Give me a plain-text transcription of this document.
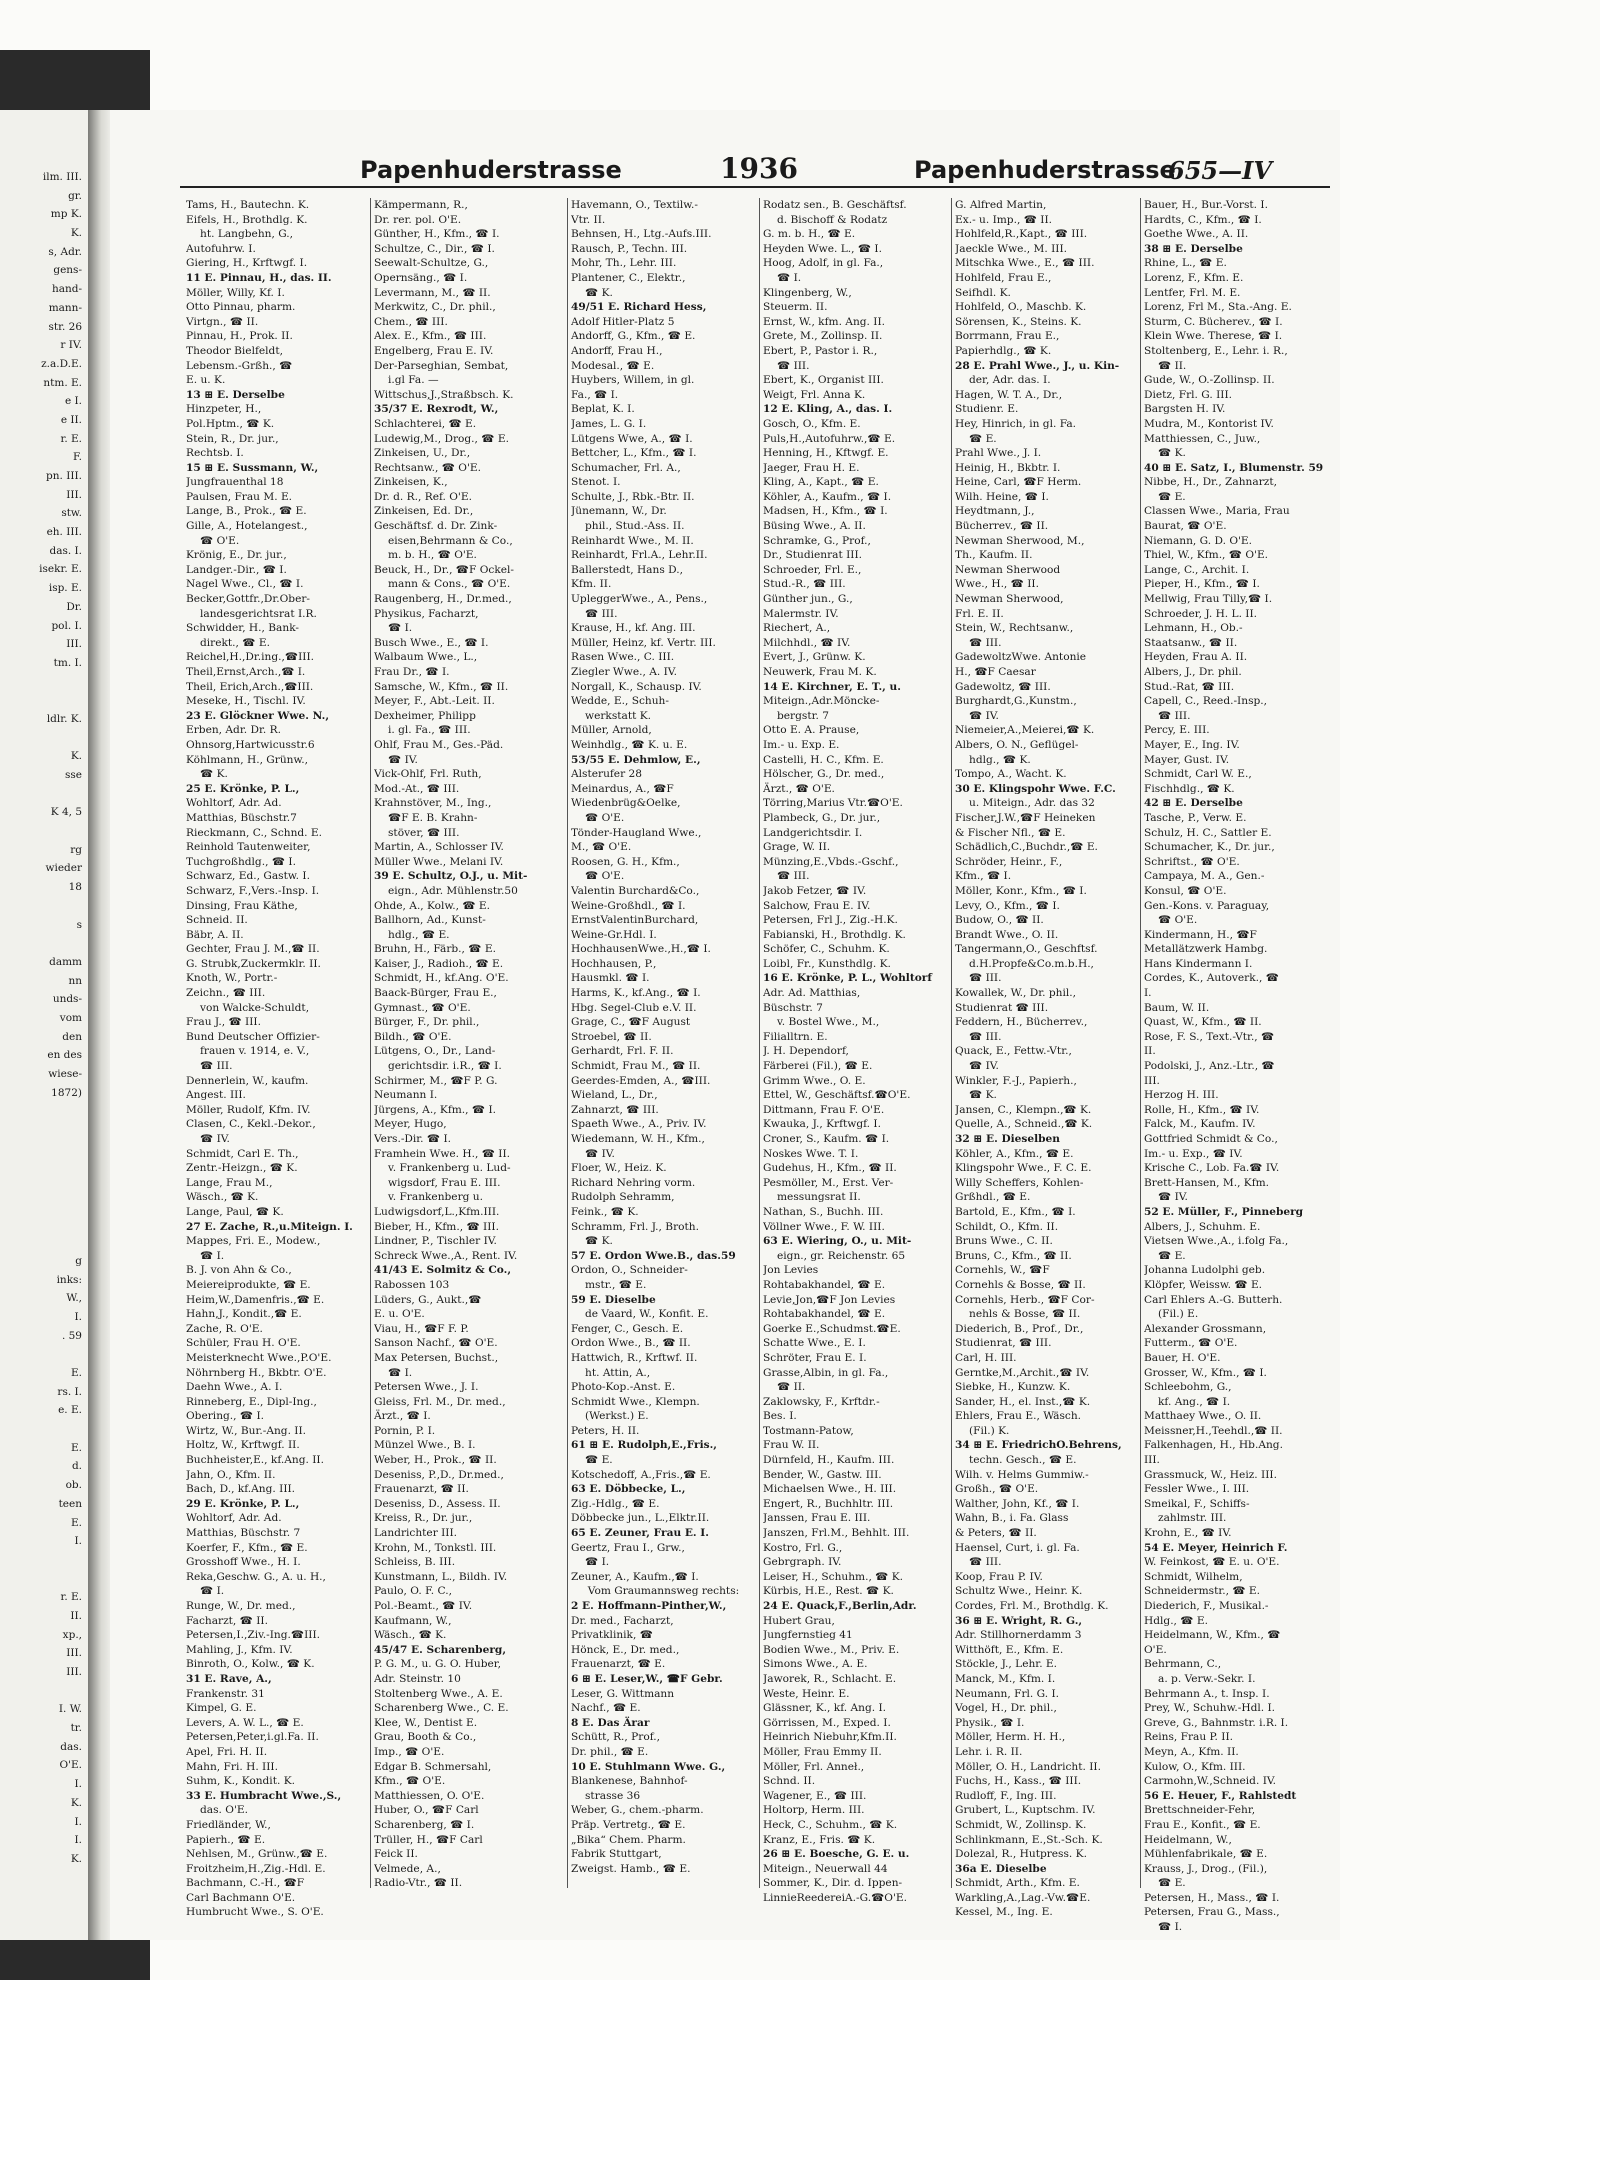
ilm. III.
gr.
mp K.
K.
s, Adr.
gens-
hand-
mann-
str. 26
r IV.
z.a.D.E.
ntm. E.
e I.
e II.
r. E.
F.
pn. III.
III.
stw.
eh. III.
das. I.
isekr. E.
isp. E.
Dr.
pol. I.
III.
tm. I.
ldlr. K.
K.
sse
K 4, 5
rg
wieder
18
s
damm
nn
unds-
vom
den
en des
wiese-
1872)
g
inks:
W.,
I.
. 59
E.
rs. I.
e. E.
E.
d.
ob.
teen
E.
I.
r. E.
II.
xp.,
III.
III.
I. W.
tr.
das.
O'E.
I.
K.
I.
I.
K.
Papenhuderstrasse	1936	Papenhuderstrasse
655—IV
Tams, H., Bautechn. K.
Eifels, H., Brothdlg. K.
ht. Langbehn, G.,
Autofuhrw. I.
Giering, H., Krftwgf. I.
11 E. Pinnau, H., das. II.
Möller, Willy, Kf. I.
Otto Pinnau, pharm.
Virtgn., ☎ II.
Pinnau, H., Prok. II.
Theodor Bielfeldt,
Lebensm.-Grßh., ☎
E. u. K.
13 ⊞ E. Derselbe
Hinzpeter, H.,
Pol.Hptm., ☎ K.
Stein, R., Dr. jur.,
Rechtsb. I.
15 ⊞ E. Sussmann, W.,
Jungfrauenthal 18
Paulsen, Frau M. E.
Lange, B., Prok., ☎ E.
Gille, A., Hotelangest.,
☎ O'E.
Krönig, E., Dr. jur.,
Landger.-Dir., ☎ I.
Nagel Wwe., Cl., ☎ I.
Becker,Gottfr.,Dr.Ober-
landesgerichtsrat I.R.
Schwidder, H., Bank-
direkt., ☎ E.
Reichel,H.,Dr.ing.,☎III.
Theil,Ernst,Arch.,☎ I.
Theil, Erich,Arch.,☎III.
Meseke, H., Tischl. IV.
23 E. Glöckner Wwe. N.,
Erben, Adr. Dr. R.
Ohnsorg,Hartwicusstr.6
Köhlmann, H., Grünw.,
☎ K.
25 E. Krönke, P. L.,
Wohltorf, Adr. Ad.
Matthias, Büschstr.7
Rieckmann, C., Schnd. E.
Reinhold Tautenweiter,
Tuchgroßhdlg., ☎ I.
Schwarz, Ed., Gastw. I.
Schwarz, F.,Vers.-Insp. I.
Dinsing, Frau Käthe,
Schneid. II.
Bäbr, A. II.
Gechter, Frau J. M.,☎ II.
G. Strubk,Zuckermklr. II.
Knoth, W., Portr.-
Zeichn., ☎ III.
von Walcke-Schuldt,
Frau J., ☎ III.
Bund Deutscher Offizier-
frauen v. 1914, e. V.,
☎ III.
Dennerlein, W., kaufm.
Angest. III.
Möller, Rudolf, Kfm. IV.
Clasen, C., Kekl.-Dekor.,
☎ IV.
Schmidt, Carl E. Th.,
Zentr.-Heizgn., ☎ K.
Lange, Frau M.,
Wäsch., ☎ K.
Lange, Paul, ☎ K.
27 E. Zache, R.,u.Miteign. I.
Mappes, Fri. E., Modew.,
☎ I.
B. J. von Ahn & Co.,
Meiereiprodukte, ☎ E.
Heim,W.,Damenfris.,☎ E.
Hahn,J., Kondit.,☎ E.
Zache, R. O'E.
Schüler, Frau H. O'E.
Meisterknecht Wwe.,P.O'E.
Nöhrnberg H., Bkbtr. O'E.
Daehn Wwe., A. I.
Rinneberg, E., Dipl-Ing.,
Obering., ☎ I.
Wirtz, W., Bur.-Ang. II.
Holtz, W., Krftwgf. II.
Buchheister,E., kf.Ang. II.
Jahn, O., Kfm. II.
Bach, D., kf.Ang. III.
29 E. Krönke, P. L.,
Wohltorf, Adr. Ad.
Matthias, Büschstr. 7
Koerfer, F., Kfm., ☎ E.
Grosshoff Wwe., H. I.
Reka,Geschw. G., A. u. H.,
☎ I.
Runge, W., Dr. med.,
Facharzt, ☎ II.
Petersen,I.,Ziv.-Ing.☎III.
Mahling, J., Kfm. IV.
Binroth, O., Kolw., ☎ K.
31 E. Rave, A.,
Frankenstr. 31
Kimpel, G. E.
Levers, A. W. L., ☎ E.
Petersen,Peter,i.gl.Fa. II.
Apel, Fri. H. II.
Mahn, Fri. H. III.
Suhm, K., Kondit. K.
33 E. Humbracht Wwe.,S.,
das. O'E.
Friedländer, W.,
Papierh., ☎ E.
Nehlsen, M., Grünw.,☎ E.
Froitzheim,H.,Zig.-Hdl. E.
Bachmann, C.-H., ☎F
Carl Bachmann O'E.
Humbrucht Wwe., S. O'E.
Kämpermann, R.,
Dr. rer. pol. O'E.
Günther, H., Kfm., ☎ I.
Schultze, C., Dir., ☎ I.
Seewalt-Schultze, G.,
Opernsäng., ☎ I.
Levermann, M., ☎ II.
Merkwitz, C., Dr. phil.,
Chem., ☎ III.
Alex. E., Kfm., ☎ III.
Engelberg, Frau E. IV.
Der-Parseghian, Sembat,
i.gl Fa. —
Wittschus,J.,Straßbsch. K.
35/37 E. Rexrodt, W.,
Schlachterei, ☎ E.
Ludewig,M., Drog., ☎ E.
Zinkeisen, U., Dr.,
Rechtsanw., ☎ O'E.
Zinkeisen, K.,
Dr. d. R., Ref. O'E.
Zinkeisen, Ed. Dr.,
Geschäftsf. d. Dr. Zink-
eisen,Behrmann & Co.,
m. b. H., ☎ O'E.
Beuck, H., Dr., ☎F Ockel-
mann & Cons., ☎ O'E.
Raugenberg, H., Dr.med.,
Physikus, Facharzt,
☎ I.
Busch Wwe., E., ☎ I.
Walbaum Wwe., L.,
Frau Dr., ☎ I.
Samsche, W., Kfm., ☎ II.
Meyer, F., Abt.-Leit. II.
Dexheimer, Philipp
i. gl. Fa., ☎ III.
Ohlf, Frau M., Ges.-Päd.
☎ IV.
Vick-Ohlf, Frl. Ruth,
Mod.-At., ☎ III.
Krahnstöver, M., Ing.,
☎F E. B. Krahn-
stöver, ☎ III.
Martin, A., Schlosser IV.
Müller Wwe., Melani IV.
39 E. Schultz, O.J., u. Mit-
eign., Adr. Mühlenstr.50
Ohde, A., Kolw., ☎ E.
Ballhorn, Ad., Kunst-
hdlg., ☎ E.
Bruhn, H., Färb., ☎ E.
Kaiser, J., Radioh., ☎ E.
Schmidt, H., kf.Ang. O'E.
Baack-Bürger, Frau E.,
Gymnast., ☎ O'E.
Bürger, F., Dr. phil.,
Bildh., ☎ O'E.
Lütgens, O., Dr., Land-
gerichtsdir. i.R., ☎ I.
Schirmer, M., ☎F P. G.
Neumann I.
Jürgens, A., Kfm., ☎ I.
Meyer, Hugo,
Vers.-Dir. ☎ I.
Framhein Wwe. H., ☎ II.
v. Frankenberg u. Lud-
wigsdorf, Frau E. III.
v. Frankenberg u.
Ludwigsdorf,L.,Kfm.III.
Bieber, H., Kfm., ☎ III.
Lindner, P., Tischler IV.
Schreck Wwe.,A., Rent. IV.
41/43 E. Solmitz & Co.,
Rabossen 103
Lüders, G., Aukt.,☎
E. u. O'E.
Viau, H., ☎F F. P.
Sanson Nachf., ☎ O'E.
Max Petersen, Buchst.,
☎ I.
Petersen Wwe., J. I.
Gleiss, Frl. M., Dr. med.,
Ärzt., ☎ I.
Pornin, P. I.
Münzel Wwe., B. I.
Weber, H., Prok., ☎ II.
Deseniss, P.,D., Dr.med.,
Frauenarzt, ☎ II.
Deseniss, D., Assess. II.
Kreiss, R., Dr. jur.,
Landrichter III.
Krohn, M., Tonkstl. III.
Schleiss, B. III.
Kunstmann, L., Bildh. IV.
Paulo, O. F. C.,
Pol.-Beamt., ☎ IV.
Kaufmann, W.,
Wäsch., ☎ K.
45/47 E. Scharenberg,
P. G. M., u. G. O. Huber,
Adr. Steinstr. 10
Stoltenberg Wwe., A. E.
Scharenberg Wwe., C. E.
Klee, W., Dentist E.
Grau, Booth & Co.,
Imp., ☎ O'E.
Edgar B. Schmersahl,
Kfm., ☎ O'E.
Matthiessen, O. O'E.
Huber, O., ☎F Carl
Scharenberg, ☎ I.
Trüller, H., ☎F Carl
Feick II.
Velmede, A.,
Radio-Vtr., ☎ II.
Havemann, O., Textilw.-
Vtr. II.
Behnsen, H., Ltg.-Aufs.III.
Rausch, P., Techn. III.
Mohr, Th., Lehr. III.
Plantener, C., Elektr.,
☎ K.
49/51 E. Richard Hess,
Adolf Hitler-Platz 5
Andorff, G., Kfm., ☎ E.
Andorff, Frau H.,
Modesal., ☎ E.
Huybers, Willem, in gl.
Fa., ☎ I.
Beplat, K. I.
James, L. G. I.
Lütgens Wwe, A., ☎ I.
Bettcher, L., Kfm., ☎ I.
Schumacher, Frl. A.,
Stenot. I.
Schulte, J., Rbk.-Btr. II.
Jünemann, W., Dr.
phil., Stud.-Ass. II.
Reinhardt Wwe., M. II.
Reinhardt, Frl.A., Lehr.II.
Ballerstedt, Hans D.,
Kfm. II.
UpleggerWwe., A., Pens.,
☎ III.
Krause, H., kf. Ang. III.
Müller, Heinz, kf. Vertr. III.
Rasen Wwe., C. III.
Ziegler Wwe., A. IV.
Norgall, K., Schausp. IV.
Wedde, E., Schuh-
werkstatt K.
Müller, Arnold,
Weinhdlg., ☎ K. u. E.
53/55 E. Dehmlow, E.,
Alsterufer 28
Meinardus, A., ☎F
Wiedenbrüg&Oelke,
☎ O'E.
Tönder-Haugland Wwe.,
M., ☎ O'E.
Roosen, G. H., Kfm.,
☎ O'E.
Valentin Burchard&Co.,
Weine-Großhdl., ☎ I.
ErnstValentinBurchard,
Weine-Gr.Hdl. I.
HochhausenWwe.,H.,☎ I.
Hochhausen, P.,
Hausmkl. ☎ I.
Harms, K., kf.Ang., ☎ I.
Hbg. Segel-Club e.V. II.
Grage, C., ☎F August
Stroebel, ☎ II.
Gerhardt, Frl. F. II.
Schmidt, Frau M., ☎ II.
Geerdes-Emden, A., ☎III.
Wieland, L., Dr.,
Zahnarzt, ☎ III.
Spaeth Wwe., A., Priv. IV.
Wiedemann, W. H., Kfm.,
☎ IV.
Floer, W., Heiz. K.
Richard Nehring vorm.
Rudolph Sehramm,
Feink., ☎ K.
Schramm, Frl. J., Broth.
☎ K.
57 E. Ordon Wwe.B., das.59
Ordon, O., Schneider-
mstr., ☎ E.
59 E. Dieselbe
de Vaard, W., Konfit. E.
Fenger, C., Gesch. E.
Ordon Wwe., B., ☎ II.
Hattwich, R., Krftwf. II.
ht. Attin, A.,
Photo-Kop.-Anst. E.
Schmidt Wwe., Klempn.
(Werkst.) E.
Peters, H. II.
61 ⊞ E. Rudolph,E.,Fris.,
☎ E.
Kotschedoff, A.,Fris.,☎ E.
63 E. Döbbecke, L.,
Zig.-Hdlg., ☎ E.
Döbbecke jun., L.,Elktr.II.
65 E. Zeuner, Frau E. I.
Geertz, Frau I., Grw.,
☎ I.
Zeuner, A., Kaufm.,☎ I.
Vom Graumannsweg rechts:
2 E. Hoffmann-Pinther,W.,
Dr. med., Facharzt,
Privatklinik, ☎
Hönck, E., Dr. med.,
Frauenarzt, ☎ E.
6 ⊞ E. Leser,W., ☎F Gebr.
Leser, G. Wittmann
Nachf., ☎ E.
8 E. Das Ärar
Schütt, R., Prof.,
Dr. phil., ☎ E.
10 E. Stuhlmann Wwe. G.,
Blankenese, Bahnhof-
strasse 36
Weber, G., chem.-pharm.
Präp. Vertretg., ☎ E.
„Bika“ Chem. Pharm.
Fabrik Stuttgart,
Zweigst. Hamb., ☎ E.
Rodatz sen., B. Geschäftsf.
d. Bischoff & Rodatz
G. m. b. H., ☎ E.
Heyden Wwe. L., ☎ I.
Hoog, Adolf, in gl. Fa.,
☎ I.
Klingenberg, W.,
Steuerm. II.
Ernst, W., kfm. Ang. II.
Grete, M., Zollinsp. II.
Ebert, P., Pastor i. R.,
☎ III.
Ebert, K., Organist III.
Weigt, Frl. Anna K.
12 E. Kling, A., das. I.
Gosch, O., Kfm. E.
Puls,H.,Autofuhrw.,☎ E.
Henning, H., Kftwgf. E.
Jaeger, Frau H. E.
Kling, A., Kapt., ☎ E.
Köhler, A., Kaufm., ☎ I.
Madsen, H., Kfm., ☎ I.
Büsing Wwe., A. II.
Schramke, G., Prof.,
Dr., Studienrat III.
Schroeder, Frl. E.,
Stud.-R., ☎ III.
Günther jun., G.,
Malermstr. IV.
Riechert, A.,
Milchhdl., ☎ IV.
Evert, J., Grünw. K.
Neuwerk, Frau M. K.
14 E. Kirchner, E. T., u.
Miteign.,Adr.Möncke-
bergstr. 7
Otto E. A. Prause,
Im.- u. Exp. E.
Castelli, H. C., Kfm. E.
Hölscher, G., Dr. med.,
Ärzt., ☎ O'E.
Törring,Marius Vtr.☎O'E.
Plambeck, G., Dr. jur.,
Landgerichtsdir. I.
Grage, W. II.
Münzing,E.,Vbds.-Gschf.,
☎ III.
Jakob Fetzer, ☎ IV.
Salchow, Frau E. IV.
Petersen, Frl J., Zig.-H.K.
Fabianski, H., Brothdlg. K.
Schöfer, C., Schuhm. K.
Loibl, Fr., Kunsthdlg. K.
16 E. Krönke, P. L., Wohltorf
Adr. Ad. Matthias,
Büschstr. 7
v. Bostel Wwe., M.,
Filialltrn. E.
J. H. Dependorf,
Färberei (Fil.), ☎ E.
Grimm Wwe., O. E.
Ettel, W., Geschäftsf.☎O'E.
Dittmann, Frau F. O'E.
Kwauka, J., Krftwgf. I.
Croner, S., Kaufm. ☎ I.
Noskes Wwe. T. I.
Gudehus, H., Kfm., ☎ II.
Pesmöller, M., Erst. Ver-
messungsrat II.
Nathan, S., Buchh. III.
Völlner Wwe., F. W. III.
63 E. Wiering, O., u. Mit-
eign., gr. Reichenstr. 65
Jon Levies
Rohtabakhandel, ☎ E.
Levie,Jon,☎F Jon Levies
Rohtabakhandel, ☎ E.
Goerke E.,Schudmst.☎E.
Schatte Wwe., E. I.
Schröter, Frau E. I.
Grasse,Albin, in gl. Fa.,
☎ II.
Zaklowsky, F., Krftdr.-
Bes. I.
Tostmann-Patow,
Frau W. II.
Dürnfeld, H., Kaufm. III.
Bender, W., Gastw. III.
Michaelsen Wwe., H. III.
Engert, R., Buchhltr. III.
Janssen, Frau E. III.
Janszen, Frl.M., Behhlt. III.
Kostro, Frl. G.,
Gebrgraph. IV.
Leiser, H., Schuhm., ☎ K.
Kürbis, H.E., Rest. ☎ K.
24 E. Quack,F.,Berlin,Adr.
Hubert Grau,
Jungfernstieg 41
Bodien Wwe., M., Priv. E.
Simons Wwe., A. E.
Jaworek, R., Schlacht. E.
Weste, Heinr. E.
Glässner, K., kf. Ang. I.
Görrissen, M., Exped. I.
Heinrich Niebuhr,Kfm.II.
Möller, Frau Emmy II.
Möller, Frl. Anneł.,
Schnd. II.
Wagener, E., ☎ III.
Holtorp, Herm. III.
Heck, C., Schuhm., ☎ K.
Kranz, E., Fris. ☎ K.
26 ⊞ E. Boesche, G. E. u.
Miteign., Neuerwall 44
Sommer, K., Dir. d. Ippen-
LinnieReedereiA.-G.☎O'E.
G. Alfred Martin,
Ex.- u. Imp., ☎ II.
Hohlfeld,R.,Kapt., ☎ III.
Jaeckle Wwe., M. III.
Mitschka Wwe., E., ☎ III.
Hohlfeld, Frau E.,
Seifhdl. K.
Hohlfeld, O., Maschb. K.
Sörensen, K., Steins. K.
Borrmann, Frau E.,
Papierhdlg., ☎ K.
28 E. Prahl Wwe., J., u. Kin-
der, Adr. das. I.
Hagen, W. T. A., Dr.,
Studienr. E.
Hey, Hinrich, in gl. Fa.
☎ E.
Prahl Wwe., J. I.
Heinig, H., Bkbtr. I.
Heine, Carl, ☎F Herm.
Wilh. Heine, ☎ I.
Heydtmann, J.,
Bücherrev., ☎ II.
Newman Sherwood, M.,
Th., Kaufm. II.
Newman Sherwood
Wwe., H., ☎ II.
Newman Sherwood,
Frl. E. II.
Stein, W., Rechtsanw.,
☎ III.
GadewoltzWwe. Antonie
H., ☎F Caesar
Gadewoltz, ☎ III.
Burghardt,G.,Kunstm.,
☎ IV.
Niemeier,A.,Meierei,☎ K.
Albers, O. N., Geflügel-
hdlg., ☎ K.
Tompo, A., Wacht. K.
30 E. Klingspohr Wwe. F.C.
u. Miteign., Adr. das 32
Fischer,J.W.,☎F Heineken
& Fischer Nfl., ☎ E.
Schädlich,C.,Buchdr.,☎ E.
Schröder, Heinr., F.,
Kfm., ☎ I.
Möller, Konr., Kfm., ☎ I.
Levy, O., Kfm., ☎ I.
Budow, O., ☎ II.
Brandt Wwe., O. II.
Tangermann,O., Geschftsf.
d.H.Propfe&Co.m.b.H.,
☎ III.
Kowallek, W., Dr. phil.,
Studienrat ☎ III.
Feddern, H., Bücherrev.,
☎ III.
Quack, E., Fettw.-Vtr.,
☎ IV.
Winkler, F.-J., Papierh.,
☎ K.
Jansen, C., Klempn.,☎ K.
Quelle, A., Schneid.,☎ K.
32 ⊞ E. Dieselben
Köhler, A., Kfm., ☎ E.
Klingspohr Wwe., F. C. E.
Willy Scheffers, Kohlen-
Grßhdl., ☎ E.
Bartold, E., Kfm., ☎ I.
Schildt, O., Kfm. II.
Bruns Wwe., C. II.
Bruns, C., Kfm., ☎ II.
Cornehls, W., ☎F
Cornehls & Bosse, ☎ II.
Cornehls, Herb., ☎F Cor-
nehls & Bosse, ☎ II.
Diederich, B., Prof., Dr.,
Studienrat, ☎ III.
Carl, H. III.
Gerntke,M.,Archit.,☎ IV.
Siebke, H., Kunzw. K.
Sander, H., el. Inst.,☎ K.
Ehlers, Frau E., Wäsch.
(Fil.) K.
34 ⊞ E. FriedrichO.Behrens,
techn. Gesch., ☎ E.
Wilh. v. Helms Gummiw.-
Großh., ☎ O'E.
Walther, John, Kf., ☎ I.
Wahn, B., i. Fa. Glass
& Peters, ☎ II.
Haensel, Curt, i. gl. Fa.
☎ III.
Koop, Frau P. IV.
Schultz Wwe., Heinr. K.
Cordes, Frl. M., Brothdlg. K.
36 ⊞ E. Wright, R. G.,
Adr. Stillhornerdamm 3
Witthöft, E., Kfm. E.
Stöckle, J., Lehr. E.
Manck, M., Kfm. I.
Neumann, Frl. G. I.
Vogel, H., Dr. phil.,
Physik., ☎ I.
Möller, Herm. H. H.,
Lehr. i. R. II.
Möller, O. H., Landricht. II.
Fuchs, H., Kass., ☎ III.
Rudloff, F., Ing. III.
Grubert, L., Kuptschm. IV.
Schmidt, W., Zollinsp. K.
Schlinkmann, E.,St.-Sch. K.
Dolezal, R., Hutpress. K.
36a E. Dieselbe
Schmidt, Arth., Kfm. E.
Warkling,A.,Lag.-Vw.☎E.
Kessel, M., Ing. E.
Bauer, H., Bur.-Vorst. I.
Hardts, C., Kfm., ☎ I.
Goethe Wwe., A. II.
38 ⊞ E. Derselbe
Rhine, L., ☎ E.
Lorenz, F., Kfm. E.
Lentfer, Frl. M. E.
Lorenz, Frl M., Sta.-Ang. E.
Sturm, C. Bücherev., ☎ I.
Klein Wwe. Therese, ☎ I.
Stoltenberg, E., Lehr. i. R.,
☎ II.
Gude, W., O.-Zollinsp. II.
Dietz, Frl. G. III.
Bargsten H. IV.
Mudra, M., Kontorist IV.
Matthiessen, C., Juw.,
☎ K.
40 ⊞ E. Satz, I., Blumenstr. 59
Nibbe, H., Dr., Zahnarzt,
☎ E.
Classen Wwe., Maria, Frau
Baurat, ☎ O'E.
Niemann, G. D. O'E.
Thiel, W., Kfm., ☎ O'E.
Lange, C., Archit. I.
Pieper, H., Kfm., ☎ I.
Mellwig, Frau Tilly,☎ I.
Schroeder, J. H. L. II.
Lehmann, H., Ob.-
Staatsanw., ☎ II.
Heyden, Frau A. II.
Albers, J., Dr. phil.
Stud.-Rat, ☎ III.
Capell, C., Reed.-Insp.,
☎ III.
Percy, E. III.
Mayer, E., Ing. IV.
Mayer, Gust. IV.
Schmidt, Carl W. E.,
Fischhdlg., ☎ K.
42 ⊞ E. Derselbe
Tasche, P., Verw. E.
Schulz, H. C., Sattler E.
Schumacher, K., Dr. jur.,
Schriftst., ☎ O'E.
Campaya, M. A., Gen.-
Konsul, ☎ O'E.
Gen.-Kons. v. Paraguay,
☎ O'E.
Kindermann, H., ☎F
Metallätzwerk Hambg.
Hans Kindermann I.
Cordes, K., Autoverk., ☎
I.
Baum, W. II.
Quast, W., Kfm., ☎ II.
Rose, F. S., Text.-Vtr., ☎
II.
Podolski, J., Anz.-Ltr., ☎
III.
Herzog H. III.
Rolle, H., Kfm., ☎ IV.
Falck, M., Kaufm. IV.
Gottfried Schmidt & Co.,
Im.- u. Exp., ☎ IV.
Krische C., Lob. Fa.☎ IV.
Brett-Hansen, M., Kfm.
☎ IV.
52 E. Müller, F., Pinneberg
Albers, J., Schuhm. E.
Vietsen Wwe.,A., i.folg Fa.,
☎ E.
Johanna Ludolphi geb.
Klöpfer, Weissw. ☎ E.
Carl Ehlers A.-G. Butterh.
(Fil.) E.
Alexander Grossmann,
Futterm., ☎ O'E.
Bauer, H. O'E.
Grosser, W., Kfm., ☎ I.
Schleebohm, G.,
kf. Ang., ☎ I.
Matthaey Wwe., O. II.
Meissner,H.,Teehdl.,☎ II.
Falkenhagen, H., Hb.Ang.
III.
Grassmuck, W., Heiz. III.
Fessler Wwe., I. III.
Smeikal, F., Schiffs-
zahlmstr. III.
Krohn, E., ☎ IV.
54 E. Meyer, Heinrich F.
W. Feinkost, ☎ E. u. O'E.
Schmidt, Wilhelm,
Schneidermstr., ☎ E.
Diederich, F., Musikal.-
Hdlg., ☎ E.
Heidelmann, W., Kfm., ☎
O'E.
Behrmann, C.,
a. p. Verw.-Sekr. I.
Behrmann A., t. Insp. I.
Prey, W., Schuhw.-Hdl. I.
Greve, G., Bahnmstr. i.R. I.
Reins, Frau P. II.
Meyn, A., Kfm. II.
Kulow, O., Kfm. III.
Carmohn,W.,Schneid. IV.
56 E. Heuer, F., Rahlstedt
Brettschneider-Fehr,
Frau E., Konfit., ☎ E.
Heidelmann, W.,
Mühlenfabrikale, ☎ E.
Krauss, J., Drog., (Fil.),
☎ E.
Petersen, H., Mass., ☎ I.
Petersen, Frau G., Mass.,
☎ I.
